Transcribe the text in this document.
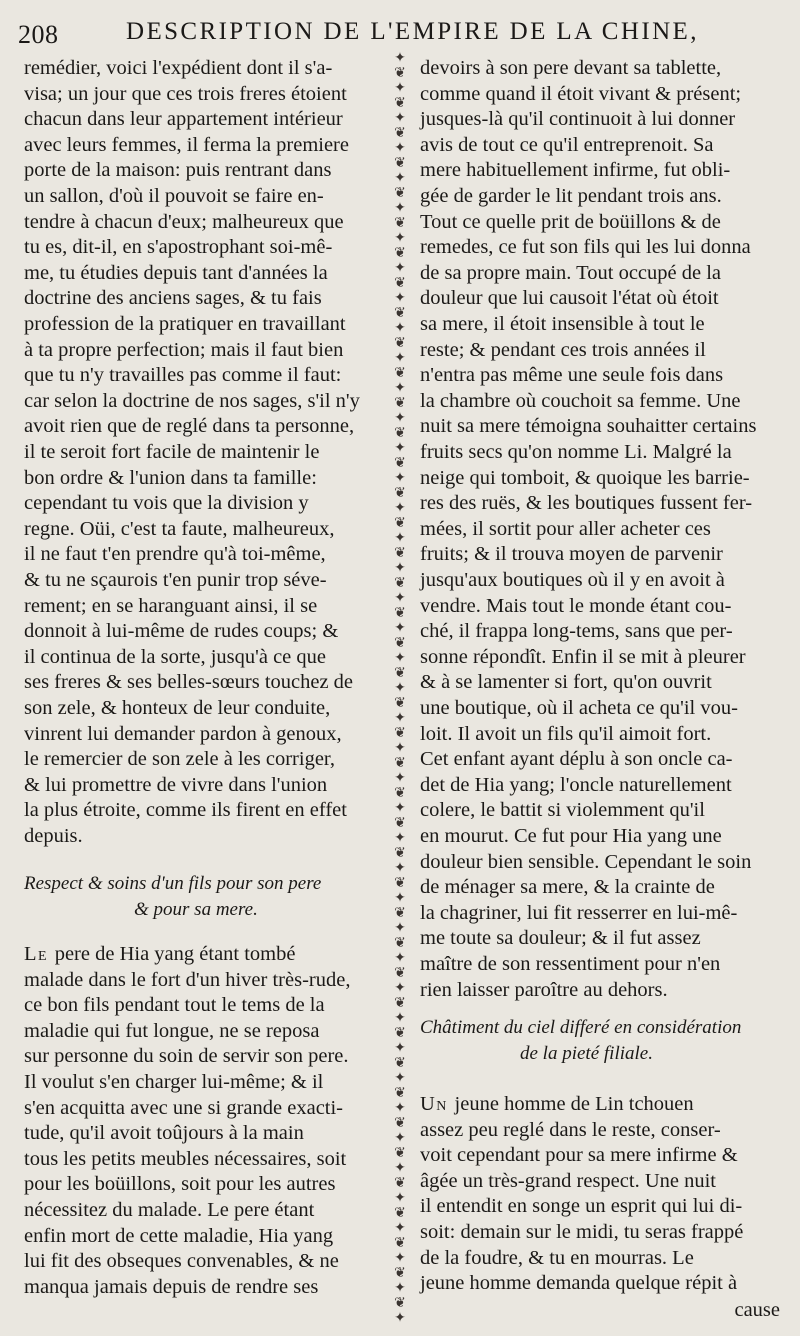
208	DESCRIPTION DE L'EMPIRE DE LA CHINE,
remédier, voici l'expédient dont il s'a-
visa; un jour que ces trois freres étoient
chacun dans leur appartement intérieur
avec leurs femmes, il ferma la premiere
porte de la maison: puis rentrant dans
un sallon, d'où il pouvoit se faire en-
tendre à chacun d'eux; malheureux que
tu es, dit-il, en s'apostrophant soi-mê-
me, tu étudies depuis tant d'années la
doctrine des anciens sages, & tu fais
profession de la pratiquer en travaillant
à ta propre perfection; mais il faut bien
que tu n'y travailles pas comme il faut:
car selon la doctrine de nos sages, s'il n'y
avoit rien que de reglé dans ta personne,
il te seroit fort facile de maintenir le
bon ordre & l'union dans ta famille:
cependant tu vois que la division y
regne. Oüi, c'est ta faute, malheureux,
il ne faut t'en prendre qu'à toi-même,
& tu ne sçaurois t'en punir trop séve-
rement; en se haranguant ainsi, il se
donnoit à lui-même de rudes coups; &
il continua de la sorte, jusqu'à ce que
ses freres & ses belles-sœurs touchez de
son zele, & honteux de leur conduite,
vinrent lui demander pardon à genoux,
le remercier de son zele à les corriger,
& lui promettre de vivre dans l'union
la plus étroite, comme ils firent en effet
depuis.
Respect & soins d'un fils pour son pere
& pour sa mere.
Le pere de Hia yang étant tombé
malade dans le fort d'un hiver très-rude,
ce bon fils pendant tout le tems de la
maladie qui fut longue, ne se reposa
sur personne du soin de servir son pere.
Il voulut s'en charger lui-même; & il
s'en acquitta avec une si grande exacti-
tude, qu'il avoit toûjours à la main
tous les petits meubles nécessaires, soit
pour les boüillons, soit pour les autres
nécessitez du malade. Le pere étant
enfin mort de cette maladie, Hia yang
lui fit des obseques convenables, & ne
manqua jamais depuis de rendre ses
✦
❦
✦
❦
✦
❦
✦
❦
✦
❦
✦
❦
✦
❦
✦
❦
✦
❦
✦
❦
✦
❦
✦
❦
✦
❦
✦
❦
✦
❦
✦
❦
✦
❦
✦
❦
✦
❦
✦
❦
✦
❦
✦
❦
✦
❦
✦
❦
✦
❦
✦
❦
✦
❦
✦
❦
✦
❦
✦
❦
✦
❦
✦
❦
✦
❦
✦
❦
✦
❦
✦
❦
✦
❦
✦
❦
✦
❦
✦
❦
✦
❦
✦
❦
✦
devoirs à son pere devant sa tablette,
comme quand il étoit vivant & présent;
jusques-là qu'il continuoit à lui donner
avis de tout ce qu'il entreprenoit. Sa
mere habituellement infirme, fut obli-
gée de garder le lit pendant trois ans.
Tout ce quelle prit de boüillons & de
remedes, ce fut son fils qui les lui donna
de sa propre main. Tout occupé de la
douleur que lui causoit l'état où étoit
sa mere, il étoit insensible à tout le
reste; & pendant ces trois années il
n'entra pas même une seule fois dans
la chambre où couchoit sa femme. Une
nuit sa mere témoigna souhaitter certains
fruits secs qu'on nomme Li. Malgré la
neige qui tomboit, & quoique les barrie-
res des ruës, & les boutiques fussent fer-
mées, il sortit pour aller acheter ces
fruits; & il trouva moyen de parvenir
jusqu'aux boutiques où il y en avoit à
vendre. Mais tout le monde étant cou-
ché, il frappa long-tems, sans que per-
sonne répondît. Enfin il se mit à pleurer
& à se lamenter si fort, qu'on ouvrit
une boutique, où il acheta ce qu'il vou-
loit. Il avoit un fils qu'il aimoit fort.
Cet enfant ayant déplu à son oncle ca-
det de Hia yang; l'oncle naturellement
colere, le battit si violemment qu'il
en mourut. Ce fut pour Hia yang une
douleur bien sensible. Cependant le soin
de ménager sa mere, & la crainte de
la chagriner, lui fit resserrer en lui-mê-
me toute sa douleur; & il fut assez
maître de son ressentiment pour n'en
rien laisser paroître au dehors.
Châtiment du ciel differé en considération
de la pieté filiale.
Un jeune homme de Lin tchouen
assez peu reglé dans le reste, conser-
voit cependant pour sa mere infirme &
âgée un très-grand respect. Une nuit
il entendit en songe un esprit qui lui di-
soit: demain sur le midi, tu seras frappé
de la foudre, & tu en mourras. Le
jeune homme demanda quelque répit à
cause
